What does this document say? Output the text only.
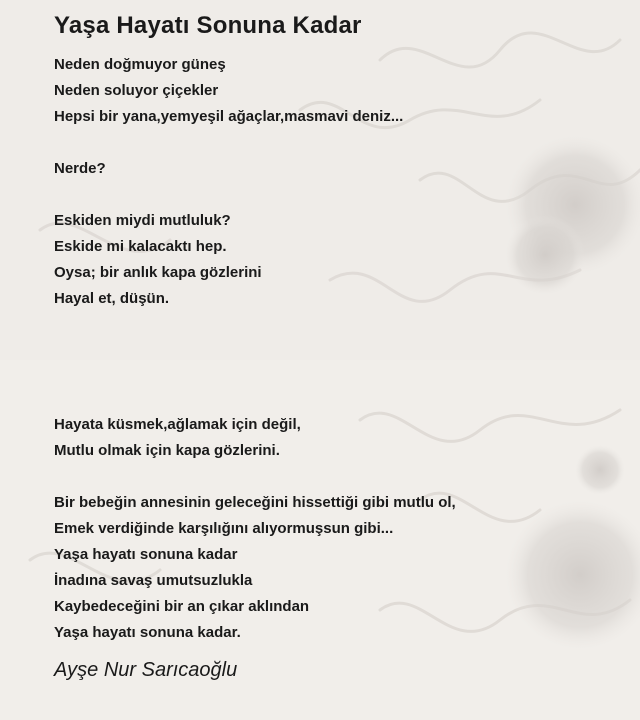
Yaşa Hayatı Sonuna Kadar
Neden doğmuyor güneş
Neden soluyor çiçekler
Hepsi bir yana,yemyeşil ağaçlar,masmavi deniz...
Nerde?
Eskiden miydi mutluluk?
Eskide mi kalacaktı hep.
Oysa; bir anlık kapa gözlerini
Hayal et, düşün.
Hayata küsmek,ağlamak için değil,
Mutlu olmak için kapa gözlerini.
Bir bebeğin annesinin geleceğini hissettiği gibi mutlu ol,
Emek verdiğinde karşılığını alıyormuşsun gibi...
Yaşa hayatı sonuna kadar
İnadına savaş umutsuzlukla
Kaybedeceğini bir an çıkar aklından
Yaşa hayatı sonuna kadar.
Ayşe Nur Sarıcaoğlu
